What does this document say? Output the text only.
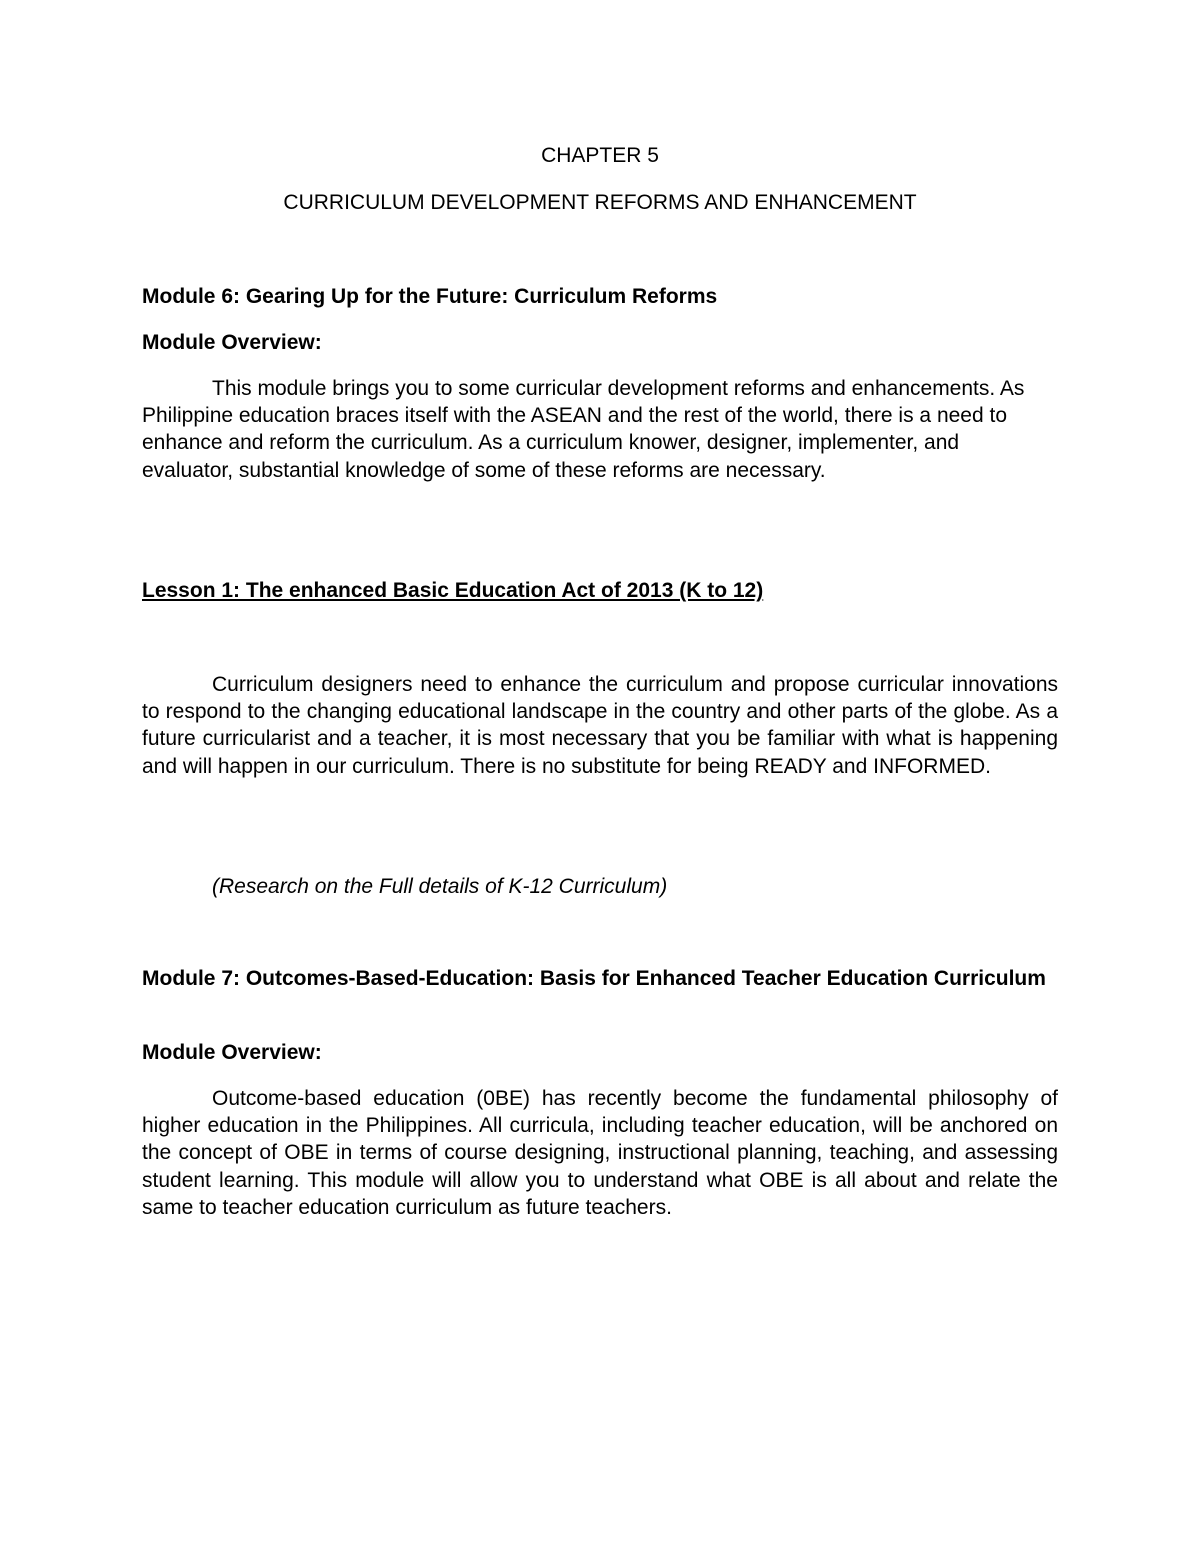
CHAPTER 5

CURRICULUM DEVELOPMENT REFORMS AND ENHANCEMENT

Module 6: Gearing Up for the Future: Curriculum Reforms

Module Overview:

This module brings you to some curricular development reforms and enhancements. As Philippine education braces itself with the ASEAN and the rest of the world, there is a need to enhance and reform the curriculum. As a curriculum knower, designer, implementer, and evaluator, substantial knowledge of some of these reforms are necessary.

Lesson 1: The enhanced Basic Education Act of 2013 (K to 12)

Curriculum designers need to enhance the curriculum and propose curricular innovations to respond to the changing educational landscape in the country and other parts of the globe. As a future curricularist and a teacher, it is most necessary that you be familiar with what is happening and will happen in our curriculum. There is no substitute for being READY and INFORMED.

(Research on the Full details of K-12 Curriculum)

Module 7: Outcomes-Based-Education: Basis for Enhanced Teacher Education Curriculum

Module Overview:

Outcome-based education (0BE) has recently become the fundamental philosophy of higher education in the Philippines. All curricula, including teacher education, will be anchored on the concept of OBE in terms of course designing, instructional planning, teaching, and assessing student learning. This module will allow you to understand what OBE is all about and relate the same to teacher education curriculum as future teachers.
